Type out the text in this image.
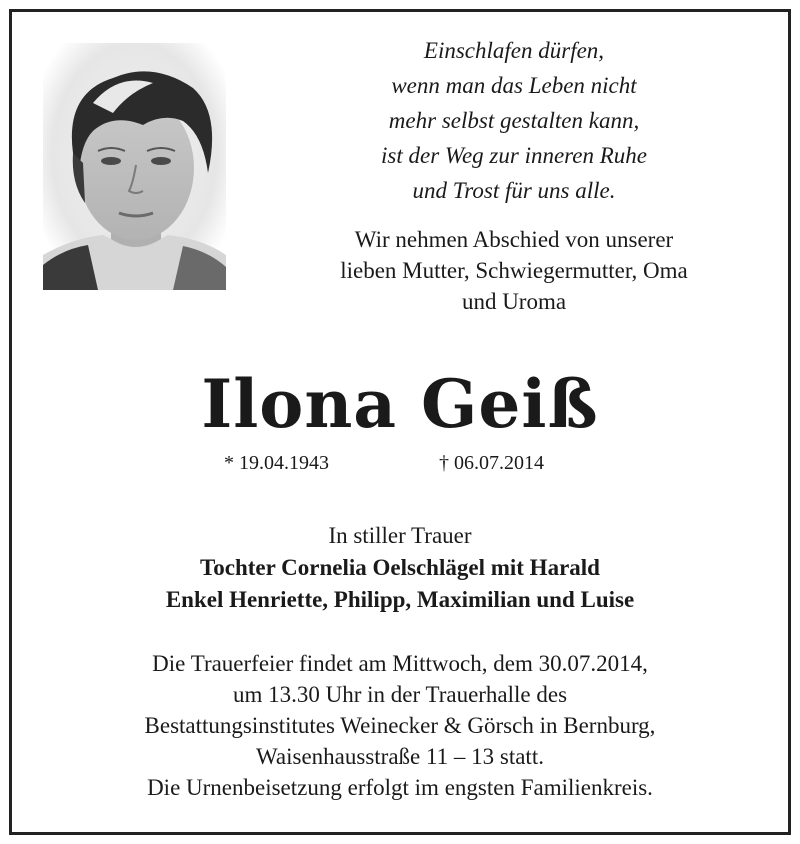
Einschlafen dürfen,
wenn man das Leben nicht
mehr selbst gestalten kann,
ist der Weg zur inneren Ruhe
und Trost für uns alle.
Wir nehmen Abschied von unserer
lieben Mutter, Schwiegermutter, Oma
und Uroma
Ilona Geiß
* 19.04.1943	† 06.07.2014
In stiller Trauer
Tochter Cornelia Oelschlägel mit Harald
Enkel Henriette, Philipp, Maximilian und Luise
Die Trauerfeier findet am Mittwoch, dem 30.07.2014,
um 13.30 Uhr in der Trauerhalle des
Bestattungsinstitutes Weinecker & Görsch in Bernburg,
Waisenhausstraße 11 – 13 statt.
Die Urnenbeisetzung erfolgt im engsten Familienkreis.
